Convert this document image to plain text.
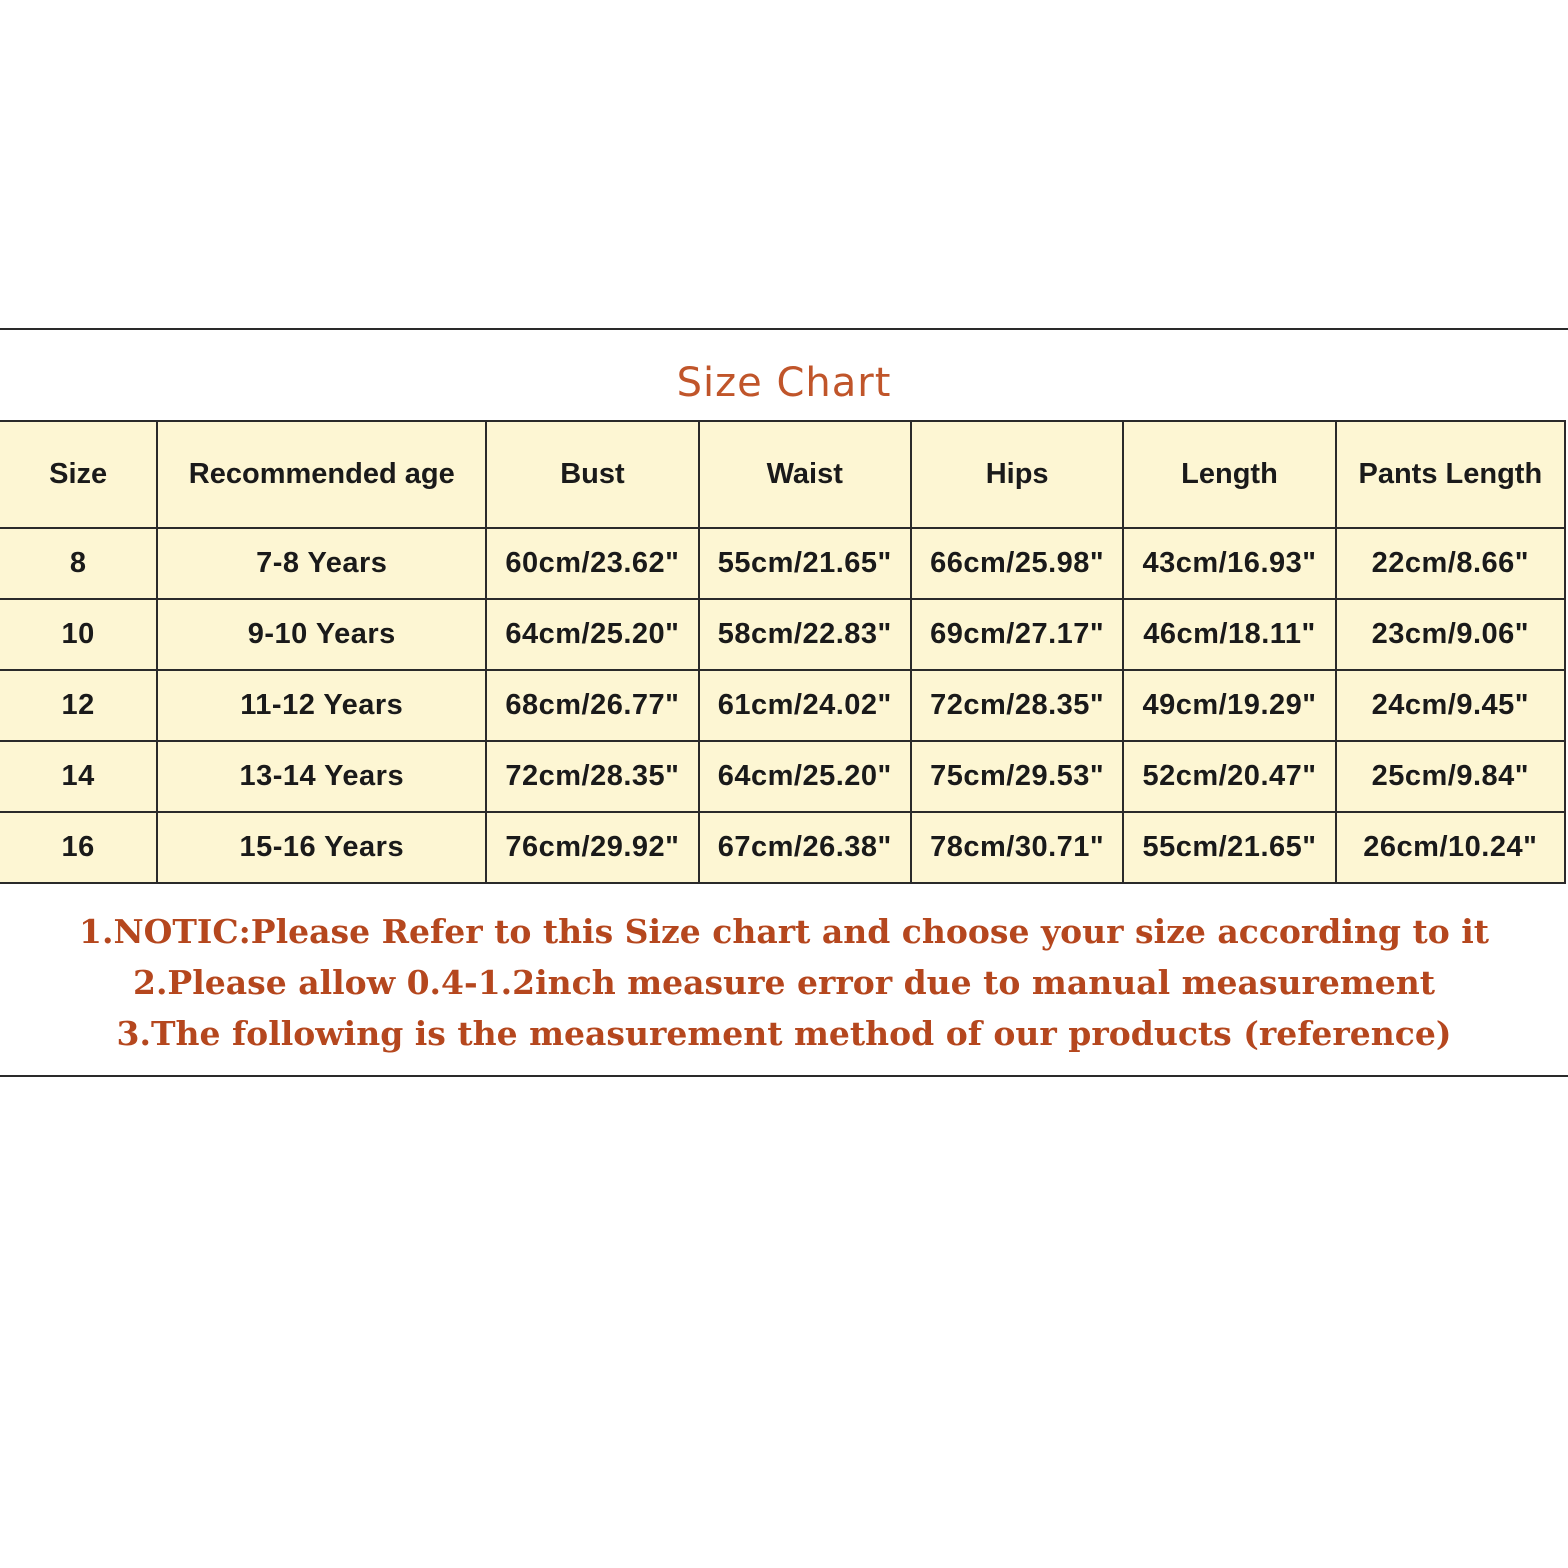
Size Chart
Size	Recommended age	Bust	Waist	Hips	Length	Pants Length
8	7-8 Years	60cm/23.62"	55cm/21.65"	66cm/25.98"	43cm/16.93"	22cm/8.66"
10	9-10 Years	64cm/25.20"	58cm/22.83"	69cm/27.17"	46cm/18.11"	23cm/9.06"
12	11-12 Years	68cm/26.77"	61cm/24.02"	72cm/28.35"	49cm/19.29"	24cm/9.45"
14	13-14 Years	72cm/28.35"	64cm/25.20"	75cm/29.53"	52cm/20.47"	25cm/9.84"
16	15-16 Years	76cm/29.92"	67cm/26.38"	78cm/30.71"	55cm/21.65"	26cm/10.24"
1.NOTIC:Please Refer to this Size chart and choose your size according to it
2.Please allow 0.4-1.2inch measure error due to manual measurement
3.The following is the measurement method of our products (reference)
